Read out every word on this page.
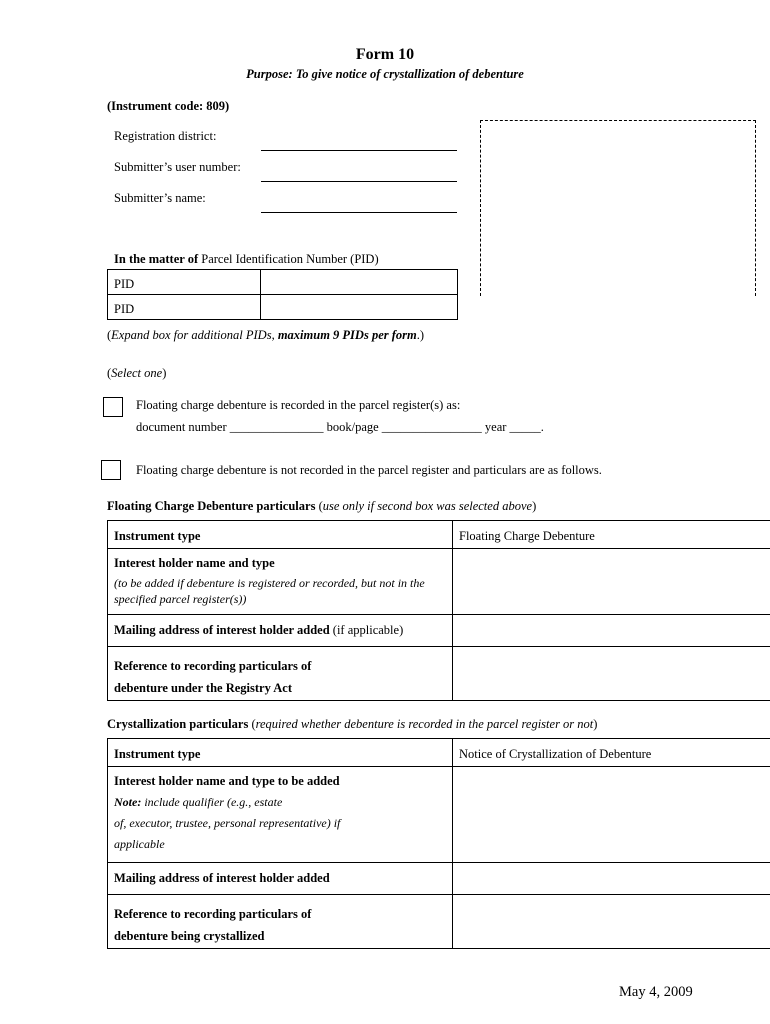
Form 10
Purpose: To give notice of crystallization of debenture
(Instrument code: 809)
Registration district:
Submitter’s user number:
Submitter’s name:
In the matter of Parcel Identification Number (PID)
PID	
PID	
(Expand box for additional PIDs, maximum 9 PIDs per form.)
(Select one)
Floating charge debenture is recorded in the parcel register(s) as:
document number _______________ book/page ________________ year _____.
Floating charge debenture is not recorded in the parcel register and particulars are as follows.
Floating Charge Debenture particulars (use only if second box was selected above)
Instrument type	Floating Charge Debenture

Interest holder name and type
(to be added if debenture is registered or recorded, but not in the specified parcel register(s))	

Mailing address of interest holder added (if applicable)	

Reference to recording particulars of
debenture under the Registry Act	

Crystallization particulars (required whether debenture is recorded in the parcel register or not)
Instrument type	Notice of Crystallization of Debenture

Interest holder name and type to be added
Note: include qualifier (e.g., estate
of, executor, trustee, personal representative) if
applicable	

Mailing address of interest holder added	

Reference to recording particulars of
debenture being crystallized	

May 4, 2009
